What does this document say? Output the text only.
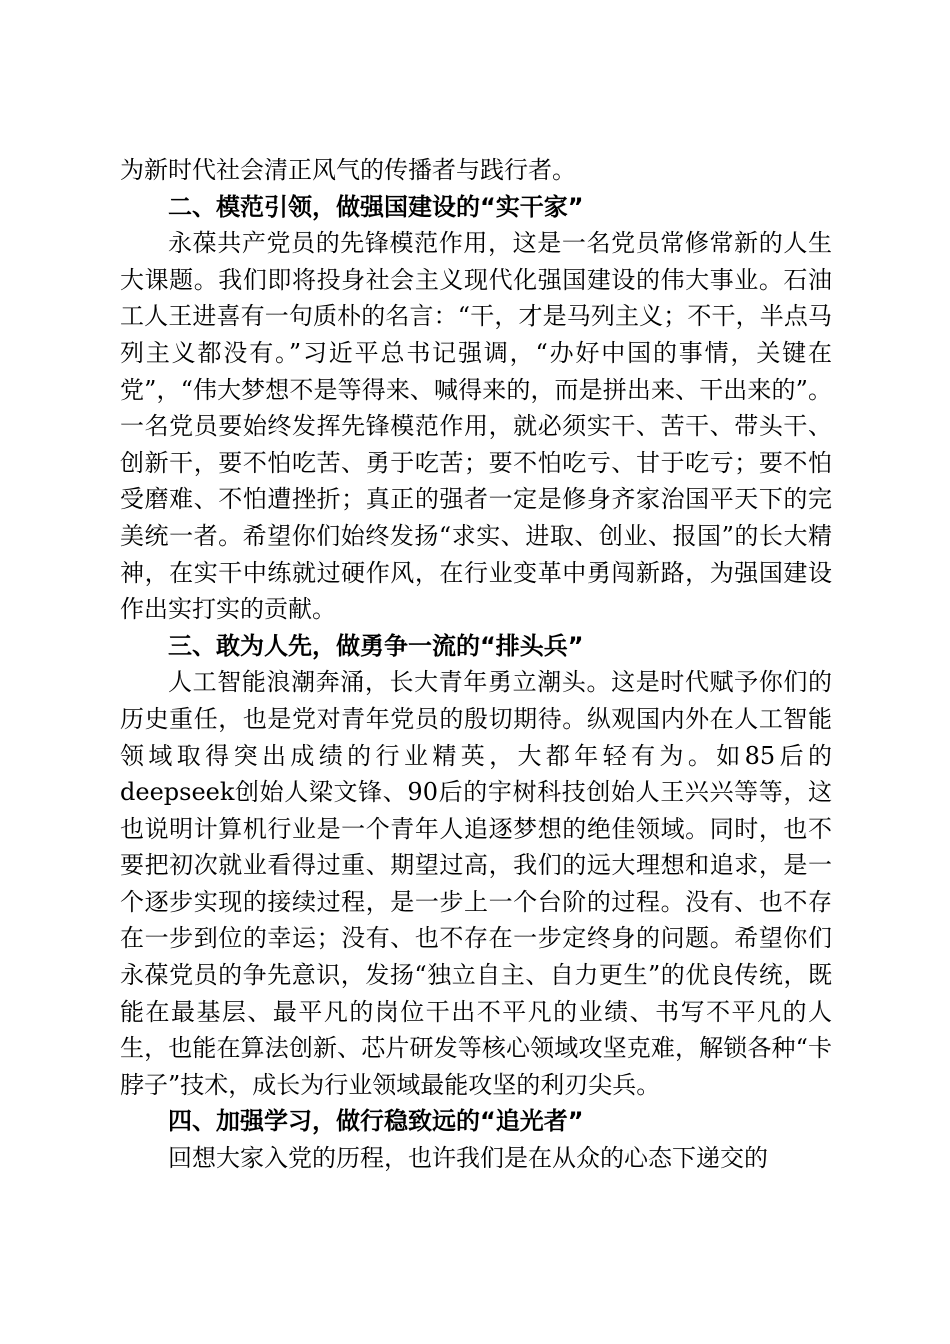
为新时代社会清正风气的传播者与践行者。

二、模范引领，做强国建设的“实干家”

永葆共产党员的先锋模范作用，这是一名党员常修常新的人生大课题。我们即将投身社会主义现代化强国建设的伟大事业。石油工人王进喜有一句质朴的名言：“干，才是马列主义；不干，半点马列主义都没有。”习近平总书记强调，“办好中国的事情，关键在党”，“伟大梦想不是等得来、喊得来的，而是拼出来、干出来的”。一名党员要始终发挥先锋模范作用，就必须实干、苦干、带头干、创新干，要不怕吃苦、勇于吃苦；要不怕吃亏、甘于吃亏；要不怕受磨难、不怕遭挫折；真正的强者一定是修身齐家治国平天下的完美统一者。希望你们始终发扬“求实、进取、创业、报国”的长大精神，在实干中练就过硬作风，在行业变革中勇闯新路，为强国建设作出实打实的贡献。

三、敢为人先，做勇争一流的“排头兵”

人工智能浪潮奔涌，长大青年勇立潮头。这是时代赋予你们的历史重任，也是党对青年党员的殷切期待。纵观国内外在人工智能领域取得突出成绩的行业精英，大都年轻有为。如85后的deepseek创始人梁文锋、90后的宇树科技创始人王兴兴等等，这也说明计算机行业是一个青年人追逐梦想的绝佳领域。同时，也不要把初次就业看得过重、期望过高，我们的远大理想和追求，是一个逐步实现的接续过程，是一步上一个台阶的过程。没有、也不存在一步到位的幸运；没有、也不存在一步定终身的问题。希望你们永葆党员的争先意识，发扬“独立自主、自力更生”的优良传统，既能在最基层、最平凡的岗位干出不平凡的业绩、书写不平凡的人生，也能在算法创新、芯片研发等核心领域攻坚克难，解锁各种“卡脖子”技术，成长为行业领域最能攻坚的利刃尖兵。

四、加强学习，做行稳致远的“追光者”

回想大家入党的历程，也许我们是在从众的心态下递交的
